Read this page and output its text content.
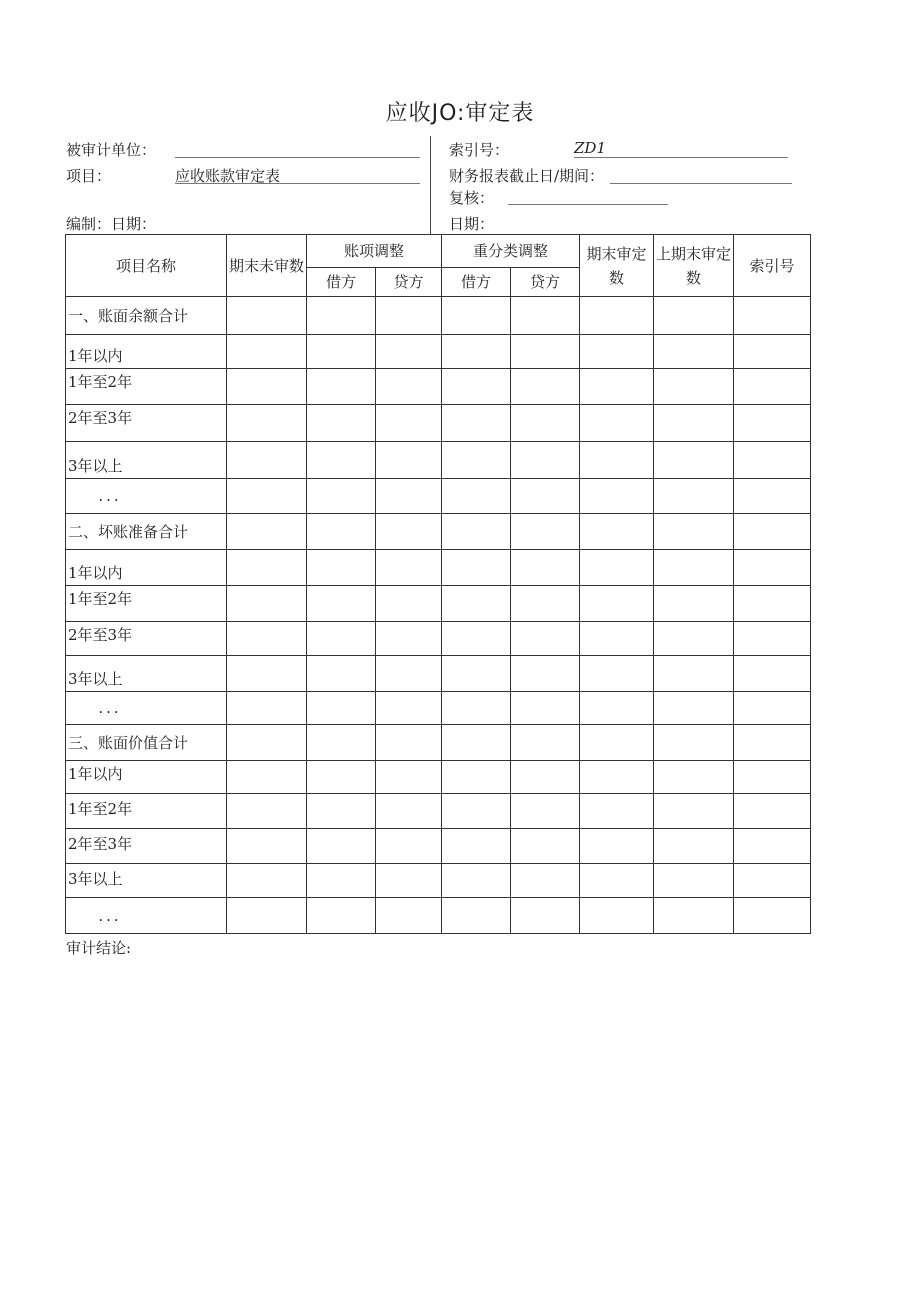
应收JO:审定表
被审计单位：	索引号：	ZD1
项目：	应收账款审定表	财务报表截止日/期间：
复核：
编制：日期：	日期：
项目名称	期末未审数	账项调整		重分类调整		期末审定数	上期末审定数	索引号
		借方	贷方	借方	贷方			
一、账面余额合计								
1年以内								
1年至2年								
2年至3年								
3年以上								
...								
二、坏账准备合计								
1年以内								
1年至2年								
2年至3年								
3年以上								
...								
三、账面价值合计								
1年以内								
1年至2年								
2年至3年								
3年以上								
...								
审计结论:
